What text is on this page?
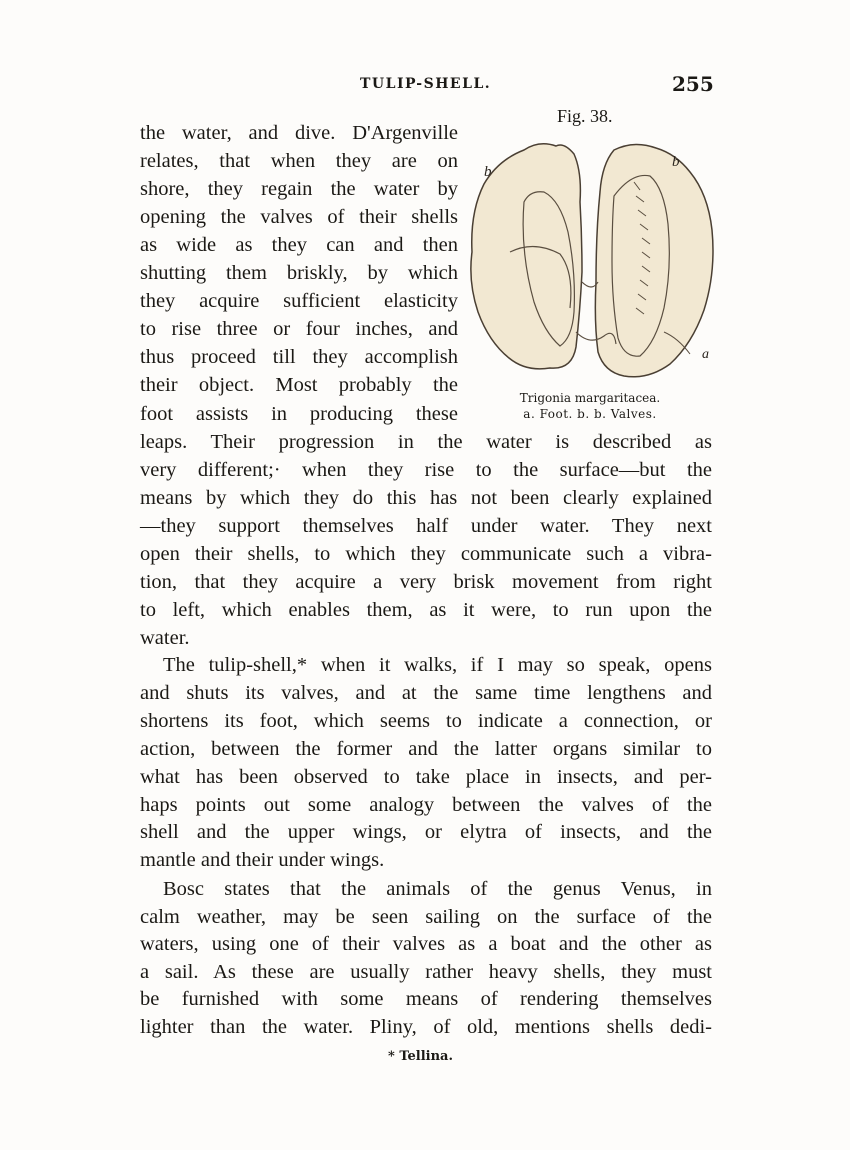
TULIP-SHELL.	255
Fig. 38.
b
b
a
Trigonia margaritacea.
a. Foot. b. b. Valves.
the water, and dive. D'Argenville
relates, that when they are on
shore, they regain the water by
opening the valves of their shells
as wide as they can and then
shutting them briskly, by which
they acquire sufficient elasticity
to rise three or four inches, and
thus proceed till they accomplish
their object. Most probably the
foot assists in producing these
leaps. Their progression in the water is described as
very different;· when they rise to the surface—but the
means by which they do this has not been clearly explained
—they support themselves half under water. They next
open their shells, to which they communicate such a vibra-
tion, that they acquire a very brisk movement from right
to left, which enables them, as it were, to run upon the
water.
The tulip-shell,* when it walks, if I may so speak, opens
and shuts its valves, and at the same time lengthens and
shortens its foot, which seems to indicate a connection, or
action, between the former and the latter organs similar to
what has been observed to take place in insects, and per-
haps points out some analogy between the valves of the
shell and the upper wings, or elytra of insects, and the
mantle and their under wings.
Bosc states that the animals of the genus Venus, in
calm weather, may be seen sailing on the surface of the
waters, using one of their valves as a boat and the other as
a sail. As these are usually rather heavy shells, they must
be furnished with some means of rendering themselves
lighter than the water. Pliny, of old, mentions shells dedi-
* Tellina.
